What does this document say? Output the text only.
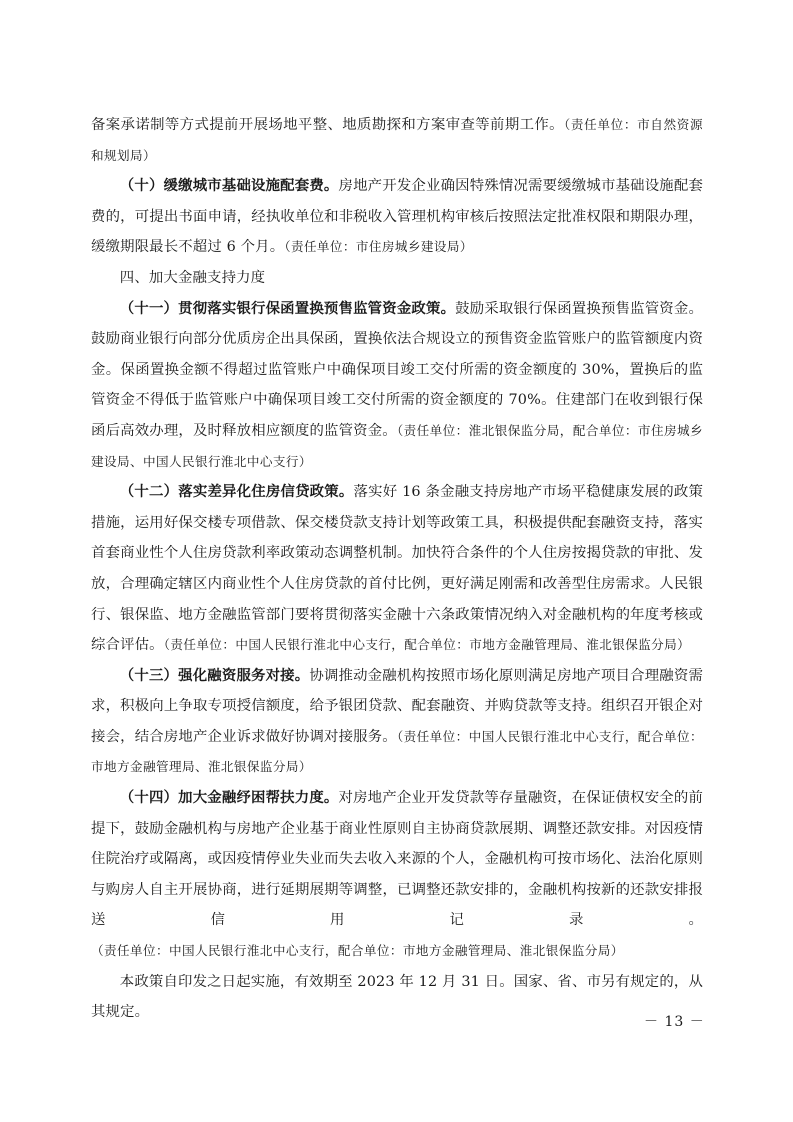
备案承诺制等方式提前开展场地平整、地质勘探和方案审查等前期工作。（责任单位：市自然资源和规划局）

（十）缓缴城市基础设施配套费。房地产开发企业确因特殊情况需要缓缴城市基础设施配套费的，可提出书面申请，经执收单位和非税收入管理机构审核后按照法定批准权限和期限办理，缓缴期限最长不超过 6 个月。（责任单位：市住房城乡建设局）

四、加大金融支持力度

（十一）贯彻落实银行保函置换预售监管资金政策。鼓励采取银行保函置换预售监管资金。鼓励商业银行向部分优质房企出具保函，置换依法合规设立的预售资金监管账户的监管额度内资金。保函置换金额不得超过监管账户中确保项目竣工交付所需的资金额度的 30%，置换后的监管资金不得低于监管账户中确保项目竣工交付所需的资金额度的 70%。住建部门在收到银行保函后高效办理，及时释放相应额度的监管资金。（责任单位：淮北银保监分局，配合单位：市住房城乡建设局、中国人民银行淮北中心支行）

（十二）落实差异化住房信贷政策。落实好 16 条金融支持房地产市场平稳健康发展的政策措施，运用好保交楼专项借款、保交楼贷款支持计划等政策工具，积极提供配套融资支持，落实首套商业性个人住房贷款利率政策动态调整机制。加快符合条件的个人住房按揭贷款的审批、发放，合理确定辖区内商业性个人住房贷款的首付比例，更好满足刚需和改善型住房需求。人民银行、银保监、地方金融监管部门要将贯彻落实金融十六条政策情况纳入对金融机构的年度考核或综合评估。（责任单位：中国人民银行淮北中心支行，配合单位：市地方金融管理局、淮北银保监分局）

（十三）强化融资服务对接。协调推动金融机构按照市场化原则满足房地产项目合理融资需求，积极向上争取专项授信额度，给予银团贷款、配套融资、并购贷款等支持。组织召开银企对接会，结合房地产企业诉求做好协调对接服务。（责任单位：中国人民银行淮北中心支行，配合单位：市地方金融管理局、淮北银保监分局）

（十四）加大金融纾困帮扶力度。对房地产企业开发贷款等存量融资，在保证债权安全的前提下，鼓励金融机构与房地产企业基于商业性原则自主协商贷款展期、调整还款安排。对因疫情住院治疗或隔离，或因疫情停业失业而失去收入来源的个人，金融机构可按市场化、法治化原则与购房人自主开展协商，进行延期展期等调整，已调整还款安排的，金融机构按新的还款安排报送信用记录。（责任单位：中国人民银行淮北中心支行，配合单位：市地方金融管理局、淮北银保监分局）

本政策自印发之日起实施，有效期至 2023 年 12 月 31 日。国家、省、市另有规定的，从其规定。

－ 13 －
